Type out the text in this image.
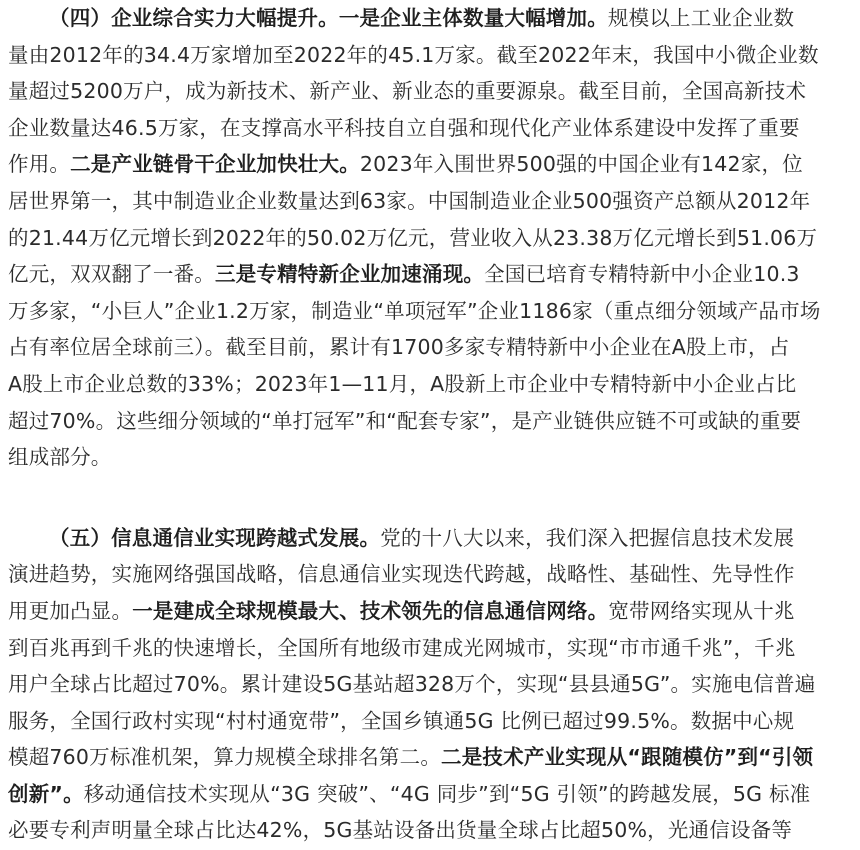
（四）企业综合实力大幅提升。一是企业主体数量大幅增加。规模以上工业企业数
量由2012年的34.4万家增加至2022年的45.1万家。截至2022年末，我国中小微企业数
量超过5200万户，成为新技术、新产业、新业态的重要源泉。截至目前，全国高新技术
企业数量达46.5万家，在支撑高水平科技自立自强和现代化产业体系建设中发挥了重要
作用。二是产业链骨干企业加快壮大。2023年入围世界500强的中国企业有142家，位
居世界第一，其中制造业企业数量达到63家。中国制造业企业500强资产总额从2012年
的21.44万亿元增长到2022年的50.02万亿元，营业收入从23.38万亿元增长到51.06万
亿元，双双翻了一番。三是专精特新企业加速涌现。全国已培育专精特新中小企业10.3
万多家，“小巨人”企业1.2万家，制造业“单项冠军”企业1186家（重点细分领域产品市场
占有率位居全球前三）。截至目前，累计有1700多家专精特新中小企业在A股上市，占
A股上市企业总数的33%；2023年1—11月，A股新上市企业中专精特新中小企业占比
超过70%。这些细分领域的“单打冠军”和“配套专家”，是产业链供应链不可或缺的重要
组成部分。
（五）信息通信业实现跨越式发展。党的十八大以来，我们深入把握信息技术发展
演进趋势，实施网络强国战略，信息通信业实现迭代跨越，战略性、基础性、先导性作
用更加凸显。一是建成全球规模最大、技术领先的信息通信网络。宽带网络实现从十兆
到百兆再到千兆的快速增长，全国所有地级市建成光网城市，实现“市市通千兆”，千兆
用户全球占比超过70%。累计建设5G基站超328万个，实现“县县通5G”。实施电信普遍
服务，全国行政村实现“村村通宽带”，全国乡镇通5G 比例已超过99.5%。数据中心规
模超760万标准机架，算力规模全球排名第二。二是技术产业实现从“跟随模仿”到“引领
创新”。移动通信技术实现从“3G 突破”、“4G 同步”到“5G 引领”的跨越发展，5G 标准
必要专利声明量全球占比达42%，5G基站设备出货量全球占比超50%，光通信设备等
